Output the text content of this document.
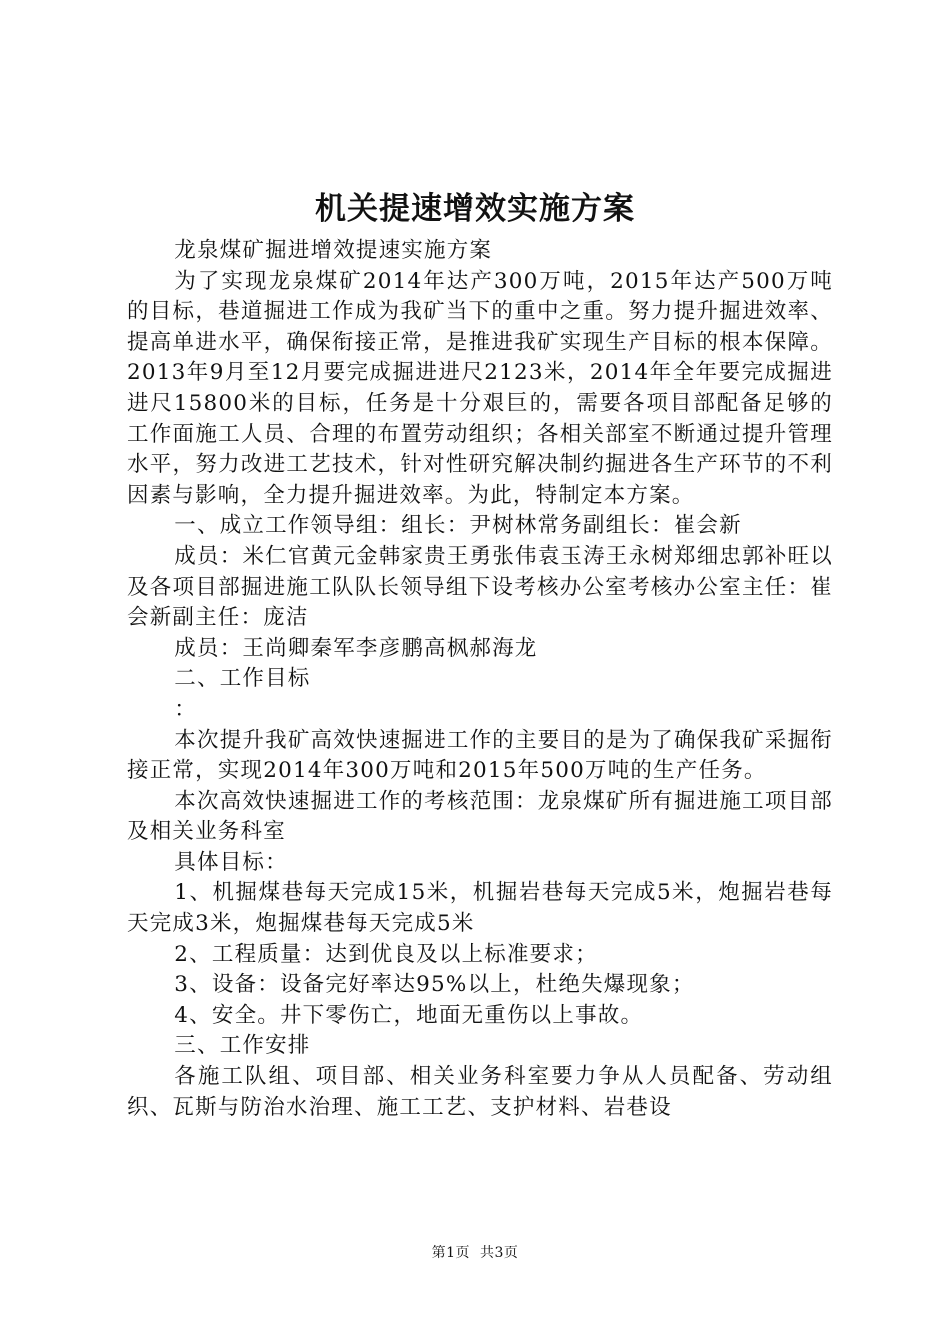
机关提速增效实施方案

龙泉煤矿掘进增效提速实施方案

为了实现龙泉煤矿2014年达产300万吨，2015年达产500万吨的目标，巷道掘进工作成为我矿当下的重中之重。努力提升掘进效率、提高单进水平，确保衔接正常，是推进我矿实现生产目标的根本保障。2013年9月至12月要完成掘进进尺2123米，2014年全年要完成掘进进尺15800米的目标，任务是十分艰巨的，需要各项目部配备足够的工作面施工人员、合理的布置劳动组织；各相关部室不断通过提升管理水平，努力改进工艺技术，针对性研究解决制约掘进各生产环节的不利因素与影响，全力提升掘进效率。为此，特制定本方案。

一、成立工作领导组：组长：尹树林常务副组长：崔会新

成员：米仁官黄元金韩家贵王勇张伟袁玉涛王永树郑细忠郭补旺以及各项目部掘进施工队队长领导组下设考核办公室考核办公室主任：崔会新副主任：庞洁

成员：王尚卿秦军李彦鹏高枫郝海龙

二、工作目标

：

本次提升我矿高效快速掘进工作的主要目的是为了确保我矿采掘衔接正常，实现2014年300万吨和2015年500万吨的生产任务。

本次高效快速掘进工作的考核范围：龙泉煤矿所有掘进施工项目部及相关业务科室

具体目标：

1、机掘煤巷每天完成15米，机掘岩巷每天完成5米，炮掘岩巷每天完成3米，炮掘煤巷每天完成5米

2、工程质量：达到优良及以上标准要求；

3、设备：设备完好率达95%以上，杜绝失爆现象；

4、安全。井下零伤亡，地面无重伤以上事故。

三、工作安排

各施工队组、项目部、相关业务科室要力争从人员配备、劳动组织、瓦斯与防治水治理、施工工艺、支护材料、岩巷设

第1页 共3页
